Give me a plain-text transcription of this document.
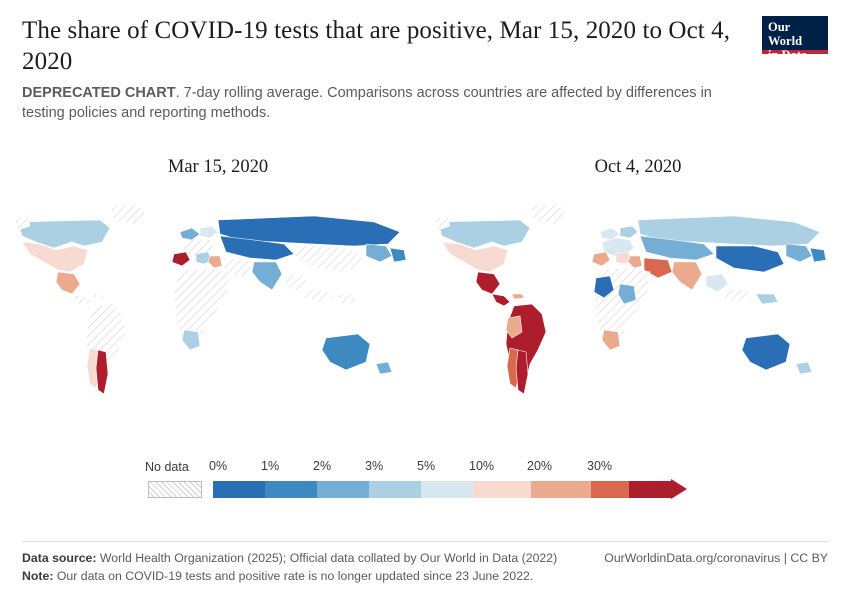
The share of COVID-19 tests that are positive, Mar 15, 2020 to Oct 4, 2020

DEPRECATED CHART. 7-day rolling average. Comparisons across countries are affected by differences in testing policies and reporting methods.

Our World
in Data
Mar 15, 2020	Oct 4, 2020
No data 0%	1%	2%	3%	5%	10%	20%	30%
Data source: World Health Organization (2025); Official data collated by Our World in Data (2022)	OurWorldinData.org/coronavirus | CC BY
Note: Our data on COVID-19 tests and positive rate is no longer updated since 23 June 2022.
